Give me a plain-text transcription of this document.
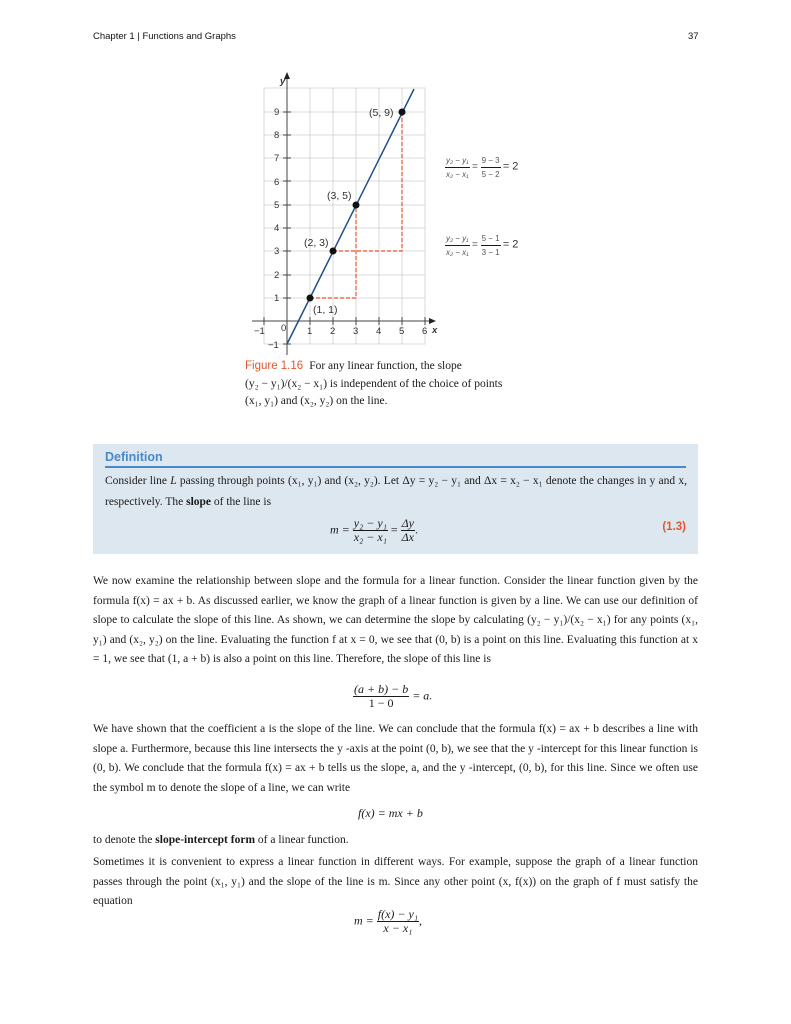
Chapter 1 | Functions and Graphs	37
y
x
9
8
7
6
5
4
3
2
1
−1
−1 0 1 2 3 4 5 6
(5, 9)
(3, 5)
(2, 3)
(1, 1)
$\frac{\text{y₂ − y₁}}{\text{x₂ − x₁}} = \frac{9 - 3}{5 - 2} = 2$
$\frac{\text{y₂ − y₁}}{\text{x₂ − x₁}} = \frac{5 - 1}{3 - 1} = 2$
Figure 1.16 For any linear function, the slope
(y₂ − y₁)/(x₂ − x₁) is independent of the choice of points
(x₁, y₁) and (x₂, y₂) on the line.
Definition
Consider line L passing through points (x₁, y₁) and (x₂, y₂). Let Δy = y₂ − y₁ and Δx = x₂ − x₁ denote the changes in y and x, respectively. The slope of the line is
$m = \frac{\text{y₂ − y₁}}{\text{x₂ − x₁}} = \frac{\Delta y}{\Delta x}$ .	(1.3)
We now examine the relationship between slope and the formula for a linear function. Consider the linear function given by the formula f(x) = ax + b. As discussed earlier, we know the graph of a linear function is given by a line. We can use our definition of slope to calculate the slope of this line. As shown, we can determine the slope by calculating (y₂ − y₁)/(x₂ − x₁) for any points (x₁, y₁) and (x₂, y₂) on the line. Evaluating the function f at x = 0, we see that (0, b) is a point on this line. Evaluating this function at x = 1, we see that (1, a + b) is also a point on this line. Therefore, the slope of this line is
$\frac{(a + b) - b}{1 - 0} = a$.
We have shown that the coefficient a is the slope of the line. We can conclude that the formula f(x) = ax + b describes a line with slope a. Furthermore, because this line intersects the y -axis at the point (0, b), we see that the y -intercept for this linear function is (0, b). We conclude that the formula f(x) = ax + b tells us the slope, a, and the y -intercept, (0, b), for this line. Since we often use the symbol m to denote the slope of a line, we can write
f(x) = mx + b
to denote the slope-intercept form of a linear function.
Sometimes it is convenient to express a linear function in different ways. For example, suppose the graph of a linear function passes through the point (x₁, y₁) and the slope of the line is m. Since any other point (x, f(x)) on the graph of f must satisfy the equation
$m = \frac{\text{f(x) − y₁}}{\text{x − x₁}}$ ,
